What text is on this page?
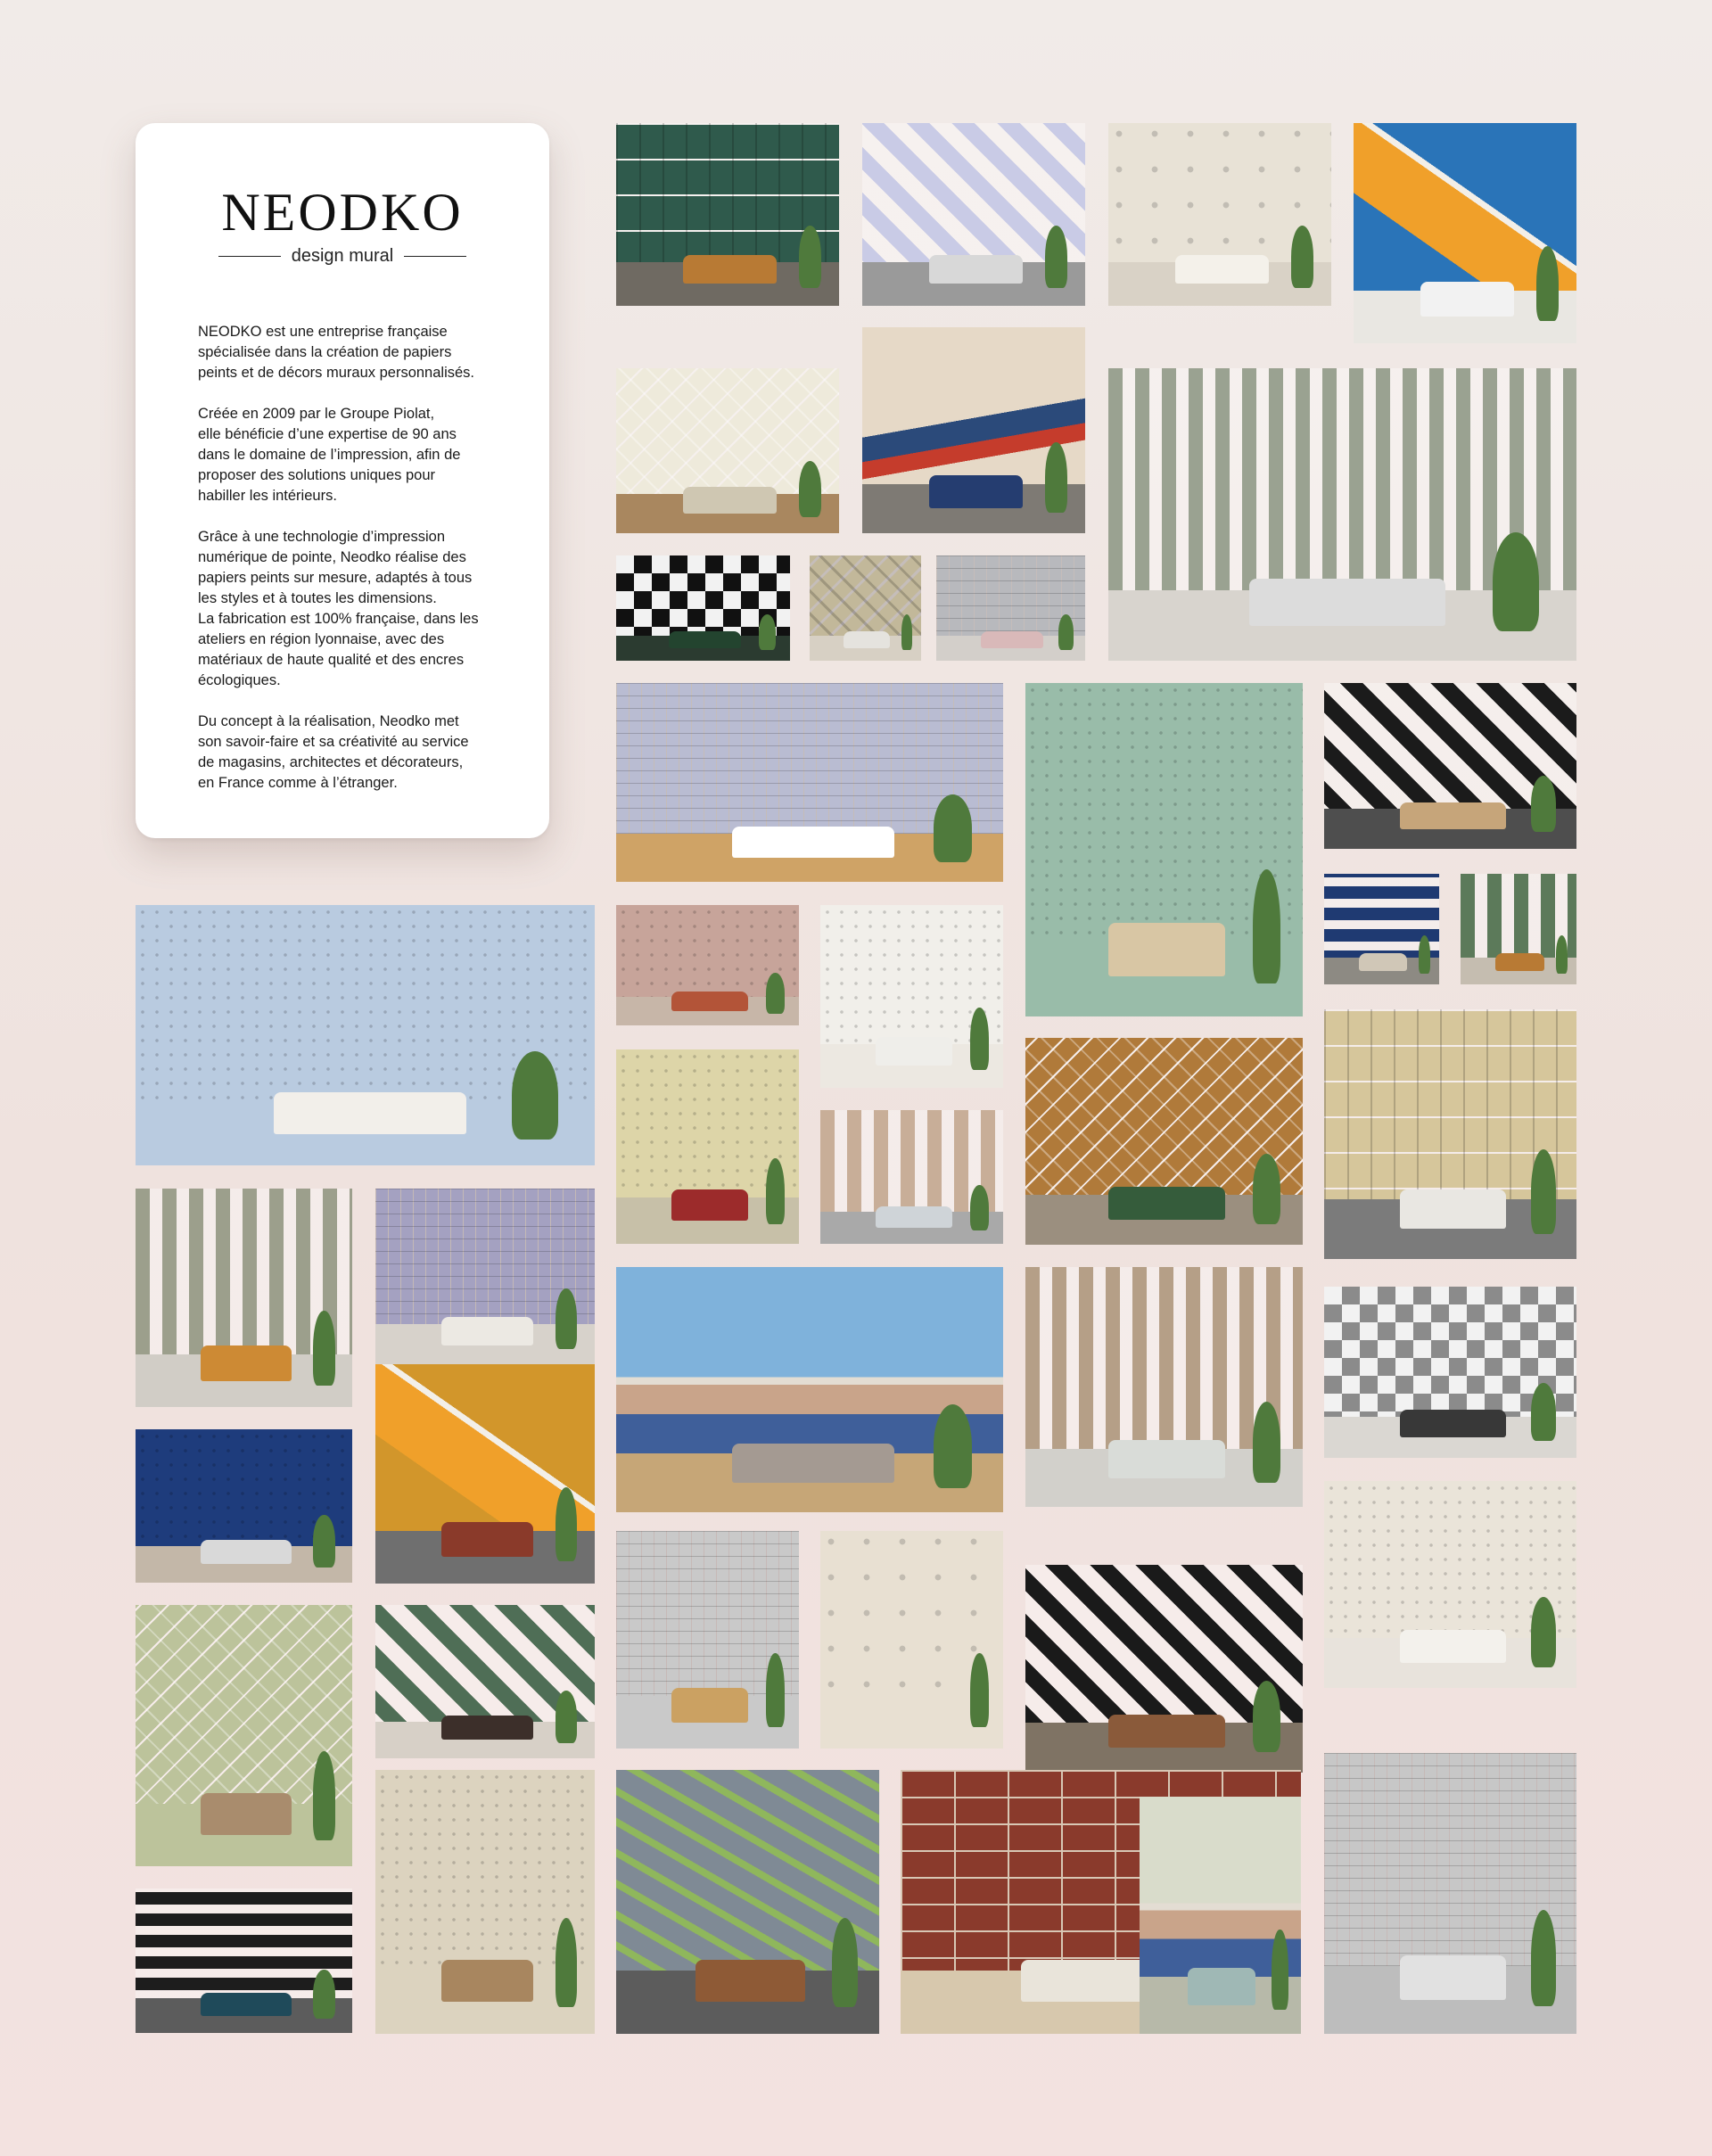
NEODKO
design mural

NEODKO est une entreprise française
spécialisée dans la création de papiers
peints et de décors muraux personnalisés.

Créée en 2009 par le Groupe Piolat,
elle bénéficie d’une expertise de 90 ans
dans le domaine de l’impression, afin de
proposer des solutions uniques pour
habiller les intérieurs.

Grâce à une technologie d’impression
numérique de pointe, Neodko réalise des
papiers peints sur mesure, adaptés à tous
les styles et à toutes les dimensions.
La fabrication est 100% française, dans les
ateliers en région lyonnaise, avec des
matériaux de haute qualité et des encres
écologiques.

Du concept à la réalisation, Neodko met
son savoir-faire et sa créativité au service
de magasins, architectes et décorateurs,
en France comme à l’étranger.
